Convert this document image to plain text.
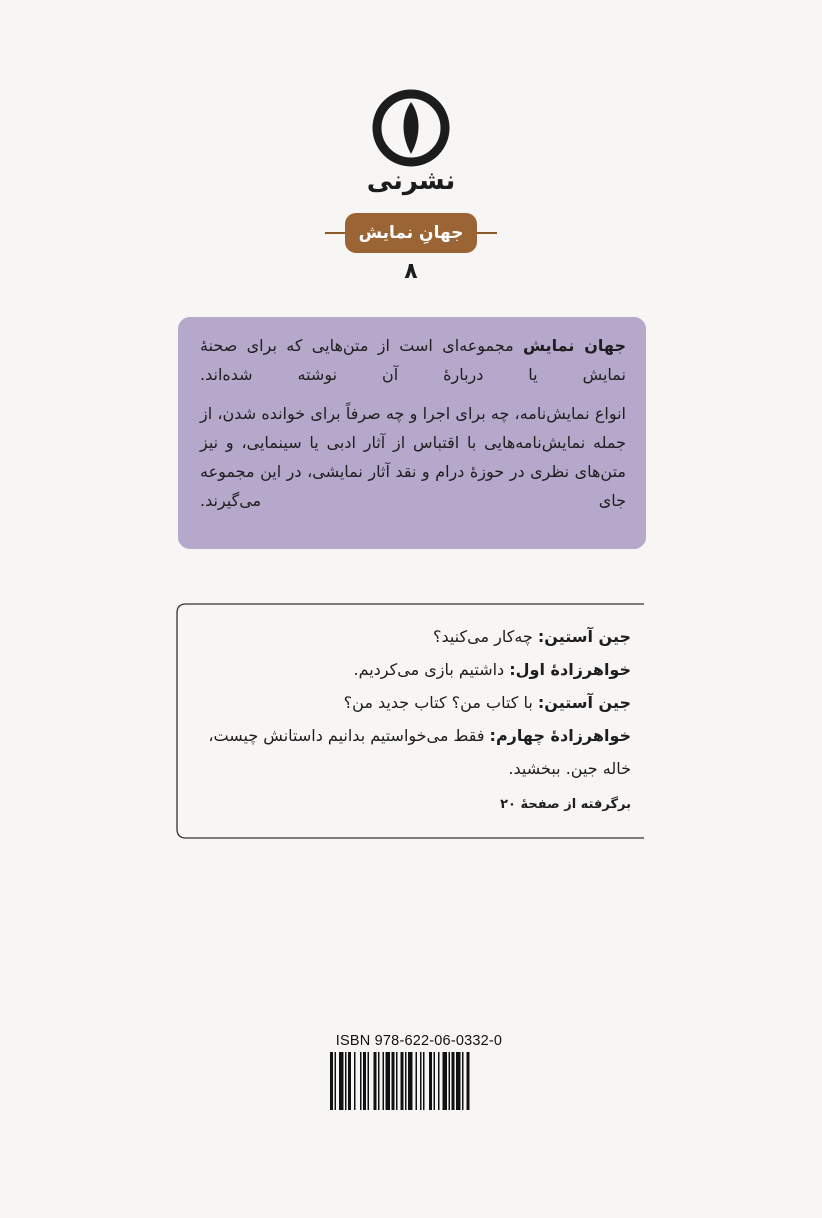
نشرنی
جهانِ نمایش
۸

جهان نمایش مجموعه‌ای است از متن‌هایی که برای صحنهٔ نمایش یا دربارهٔ آن نوشته شده‌اند.

انواع نمایش‌نامه، چه برای اجرا و چه صرفاً برای خوانده شدن، از جمله نمایش‌نامه‌هایی با اقتباس از آثار ادبی یا سینمایی، و نیز متن‌های نظری در حوزهٔ درام و نقد آثار نمایشی، در این مجموعه جای می‌گیرند.

جین آستین: چه‌کار می‌کنید؟
خواهرزادهٔ اول: داشتیم بازی می‌کردیم.
جین آستین: با کتاب من؟ کتاب جدید من؟
خواهرزادهٔ چهارم: فقط می‌خواستیم بدانیم داستانش چیست،
خاله جین. ببخشید.
برگرفته از صفحهٔ ۲۰
ISBN 978-622-06-0332-0
